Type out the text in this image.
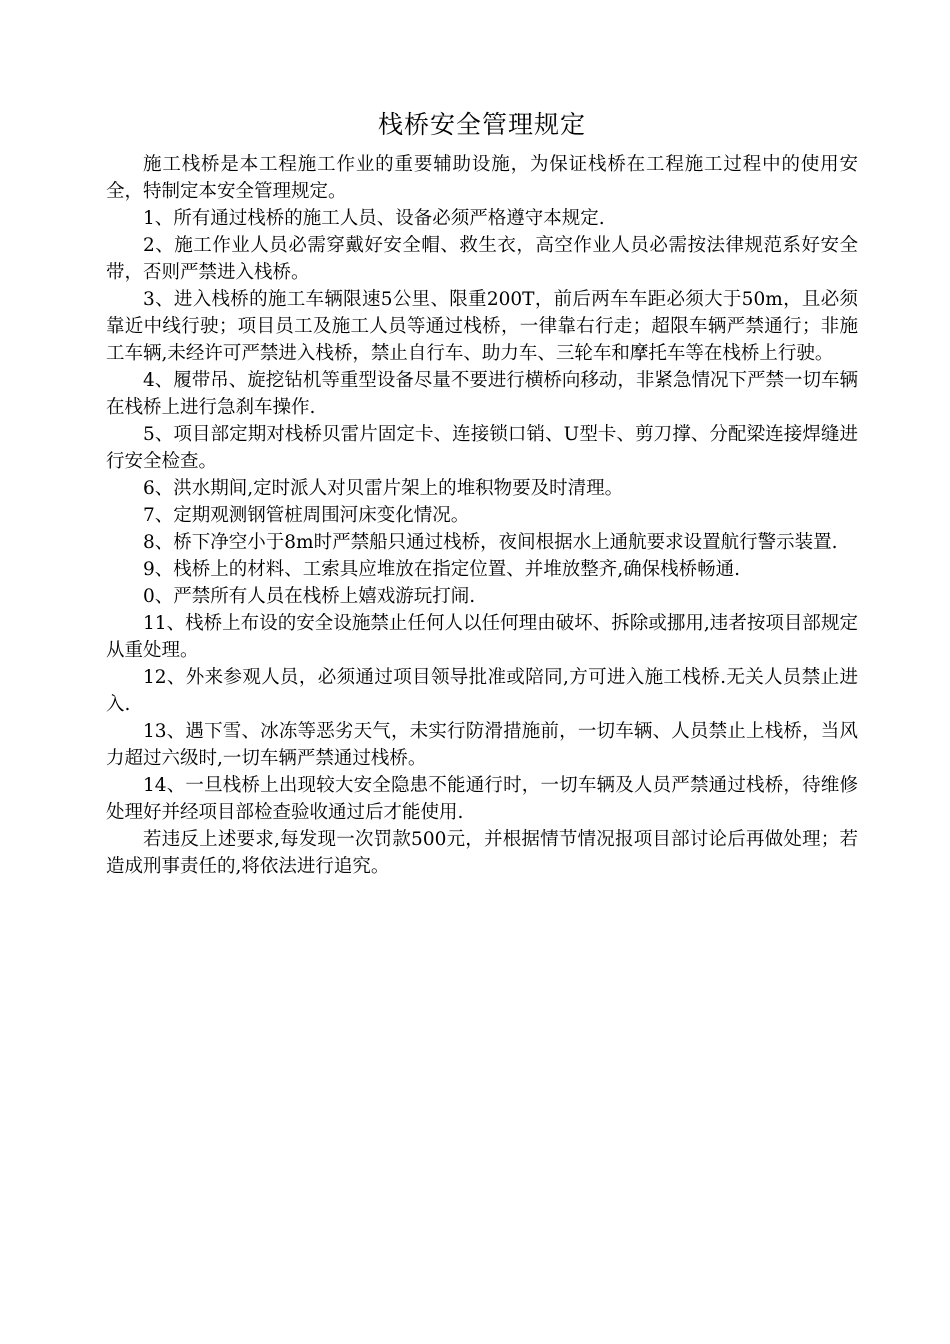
栈桥安全管理规定

施工栈桥是本工程施工作业的重要辅助设施，为保证栈桥在工程施工过程中的使用安全，特制定本安全管理规定。

1、所有通过栈桥的施工人员、设备必须严格遵守本规定.

2、施工作业人员必需穿戴好安全帽、救生衣，高空作业人员必需按法律规范系好安全带，否则严禁进入栈桥。

3、进入栈桥的施工车辆限速5公里、限重200T，前后两车车距必须大于50m，且必须靠近中线行驶；项目员工及施工人员等通过栈桥，一律靠右行走；超限车辆严禁通行；非施工车辆,未经许可严禁进入栈桥，禁止自行车、助力车、三轮车和摩托车等在栈桥上行驶。

4、履带吊、旋挖钻机等重型设备尽量不要进行横桥向移动，非紧急情况下严禁一切车辆在栈桥上进行急刹车操作.

5、项目部定期对栈桥贝雷片固定卡、连接锁口销、U型卡、剪刀撑、分配梁连接焊缝进行安全检查。

6、洪水期间,定时派人对贝雷片架上的堆积物要及时清理。

7、定期观测钢管桩周围河床变化情况。

8、桥下净空小于8m时严禁船只通过栈桥，夜间根据水上通航要求设置航行警示装置.

9、栈桥上的材料、工索具应堆放在指定位置、并堆放整齐,确保栈桥畅通.

0、严禁所有人员在栈桥上嬉戏游玩打闹.

11、栈桥上布设的安全设施禁止任何人以任何理由破坏、拆除或挪用,违者按项目部规定从重处理。

12、外来参观人员，必须通过项目领导批准或陪同,方可进入施工栈桥.无关人员禁止进入.

13、遇下雪、冰冻等恶劣天气，未实行防滑措施前，一切车辆、人员禁止上栈桥，当风力超过六级时,一切车辆严禁通过栈桥。

14、一旦栈桥上出现较大安全隐患不能通行时，一切车辆及人员严禁通过栈桥，待维修处理好并经项目部检查验收通过后才能使用.

若违反上述要求,每发现一次罚款500元，并根据情节情况报项目部讨论后再做处理；若造成刑事责任的,将依法进行追究。
